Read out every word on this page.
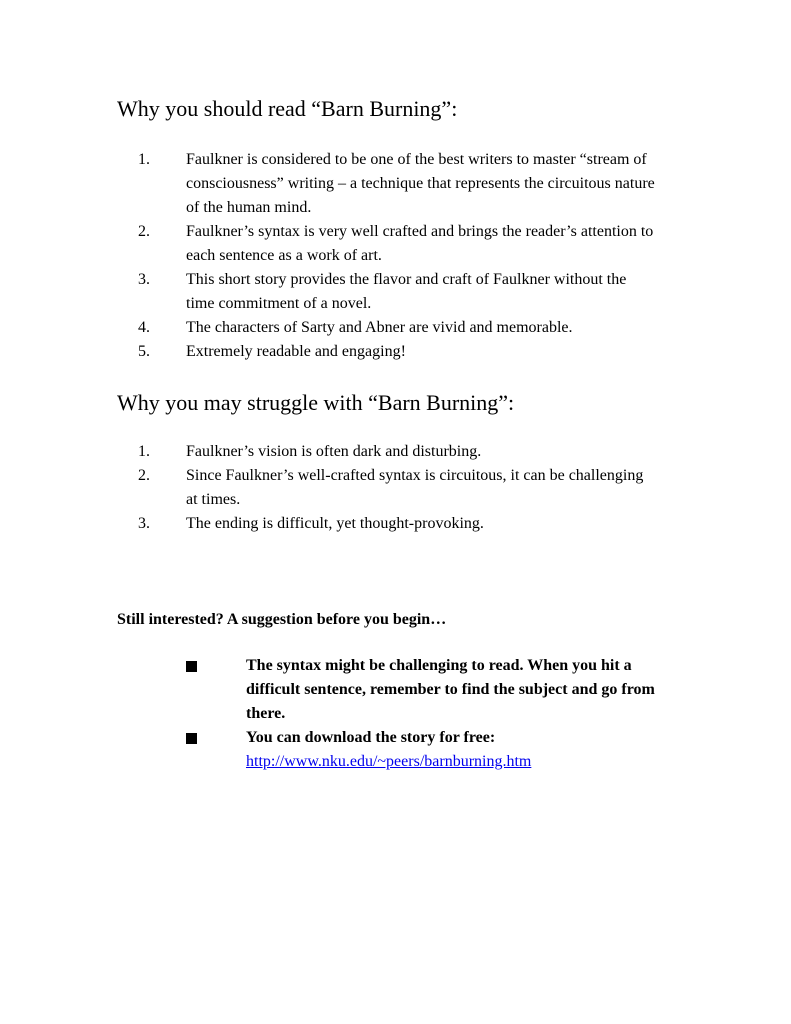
Why you should read “Barn Burning”:
1. Faulkner is considered to be one of the best writers to master “stream of consciousness” writing – a technique that represents the circuitous nature of the human mind.
2. Faulkner’s syntax is very well crafted and brings the reader’s attention to each sentence as a work of art.
3. This short story provides the flavor and craft of Faulkner without the time commitment of a novel.
4. The characters of Sarty and Abner are vivid and memorable.
5. Extremely readable and engaging!
Why you may struggle with “Barn Burning”:
1. Faulkner’s vision is often dark and disturbing.
2. Since Faulkner’s well-crafted syntax is circuitous, it can be challenging at times.
3. The ending is difficult, yet thought-provoking.

Still interested? A suggestion before you begin…

The syntax might be challenging to read. When you hit a difficult sentence, remember to find the subject and go from there.
You can download the story for free:
http://www.nku.edu/~peers/barnburning.htm
